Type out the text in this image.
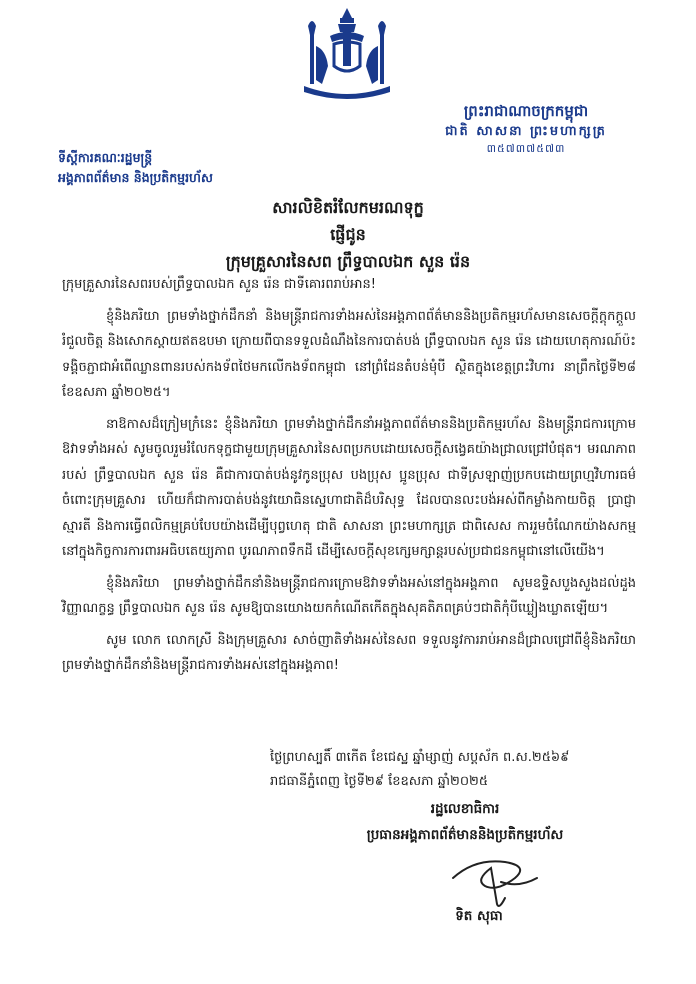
ព្រះរាជាណាចក្រកម្ពុជា
ជាតិ សាសនា ព្រះមហាក្សត្រ
៣៥៧៣៧៥៧៣
ទីស្តីការគណៈរដ្ឋមន្ត្រី
អង្គភាពព័ត៌មាន និងប្រតិកម្មរហ័ស
សារលិខិតរំលែកមរណទុក្ខ
ផ្ញើជូន
ក្រុមគ្រួសារនៃសព ព្រឹទ្ធបាលឯក សួន រ៉េន

ក្រុមគ្រួសារនៃសពរបស់ព្រឹទ្ធបាលឯក សួន រ៉េន ជាទីគោរពរាប់អាន!

ខ្ញុំនិងភរិយា ព្រមទាំងថ្នាក់ដឹកនាំ និងមន្ត្រីរាជការទាំងអស់នៃអង្គភាពព័ត៌មាននិងប្រតិកម្មរហ័សមានសេចក្តីក្តុកក្តួលរំជួលចិត្ត និងសោកស្តាយឥតឧបមា ក្រោយពីបានទទួលដំណឹងនៃការបាត់បង់ ព្រឹទ្ធបាលឯក សួន រ៉េន ដោយហេតុការណ៍ប៉ះទង្គិចភ្ជាជាអំពើឈ្លានពានរបស់កងទ័ពថៃមកលើកងទ័ពកម្ពុជា នៅព្រំដែនតំបន់មុំបី ស្ថិតក្នុងខេត្តព្រះវិហារ នាព្រឹកថ្ងៃទី២៨ ខែឧសភា ឆ្នាំ២០២៥។

នាឱកាសដ៏ក្រៀមក្រំនេះ ខ្ញុំនិងភរិយា ព្រមទាំងថ្នាក់ដឹកនាំអង្គភាពព័ត៌មាននិងប្រតិកម្មរហ័ស និងមន្ត្រីរាជការក្រោមឱវាទទាំងអស់ សូមចូលរួមរំលែកទុក្ខជាមួយក្រុមគ្រួសារនៃសពប្រកបដោយសេចក្តីសង្វេគយ៉ាងជ្រាលជ្រៅបំផុត។ មរណភាពរបស់ ព្រឹទ្ធបាលឯក សួន រ៉េន គឺជាការបាត់បង់នូវកូនប្រុស បងប្រុស ប្អូនប្រុស ជាទីស្រឡាញ់ប្រកបដោយព្រហ្មវិហារធម៌ចំពោះក្រុមគ្រួសារ ហើយក៏ជាការបាត់បង់នូវយោធិនស្នេហាជាតិដ៏បរិសុទ្ធ ដែលបានលះបង់អស់ពីកម្លាំងកាយចិត្ត ប្រាជ្ញា ស្មារតី និងការធ្វើពលិកម្មគ្រប់បែបយ៉ាងដើម្បីបុព្វហេតុ ជាតិ សាសនា ព្រះមហាក្សត្រ ជាពិសេស ការរួមចំណែកយ៉ាងសកម្មនៅក្នុងកិច្ចការការពារអធិបតេយ្យភាព បូរណភាពទឹកដី ដើម្បីសេចក្តីសុខក្សេមក្សាន្តរបស់ប្រជាជនកម្ពុជានៅលើយើង។

ខ្ញុំនិងភរិយា ព្រមទាំងថ្នាក់ដឹកនាំនិងមន្ត្រីរាជការក្រោមឱវាទទាំងអស់នៅក្នុងអង្គភាព សូមឧទ្ទិសបួងសួងដល់ដួងវិញ្ញាណក្ខន្ធ ព្រឹទ្ធបាលឯក សួន រ៉េន សូមឱ្យបានយោងយកកំណើតកើតក្នុងសុគតិភពគ្រប់ៗជាតិកុំបីឃ្លៀងឃ្លាតឡើយ។

សូម លោក លោកស្រី និងក្រុមគ្រួសារ សាច់ញាតិទាំងអស់នៃសព ទទួលនូវការរាប់អានដ៏ជ្រាលជ្រៅពីខ្ញុំនិងភរិយាព្រមទាំងថ្នាក់ដឹកនាំនិងមន្ត្រីរាជការទាំងអស់នៅក្នុងអង្គភាព!

ថ្ងៃព្រហស្បតិ៍ ៣កើត ខែជេស្ឋ ឆ្នាំម្សាញ់ សប្តស័ក ព.ស.២៥៦៩
រាជធានីភ្នំពេញ ថ្ងៃទី២៩ ខែឧសភា ឆ្នាំ២០២៥
រដ្ឋលេខាធិការ
ប្រធានអង្គភាពព័ត៌មាននិងប្រតិកម្មរហ័ស
ទិត សុធា
